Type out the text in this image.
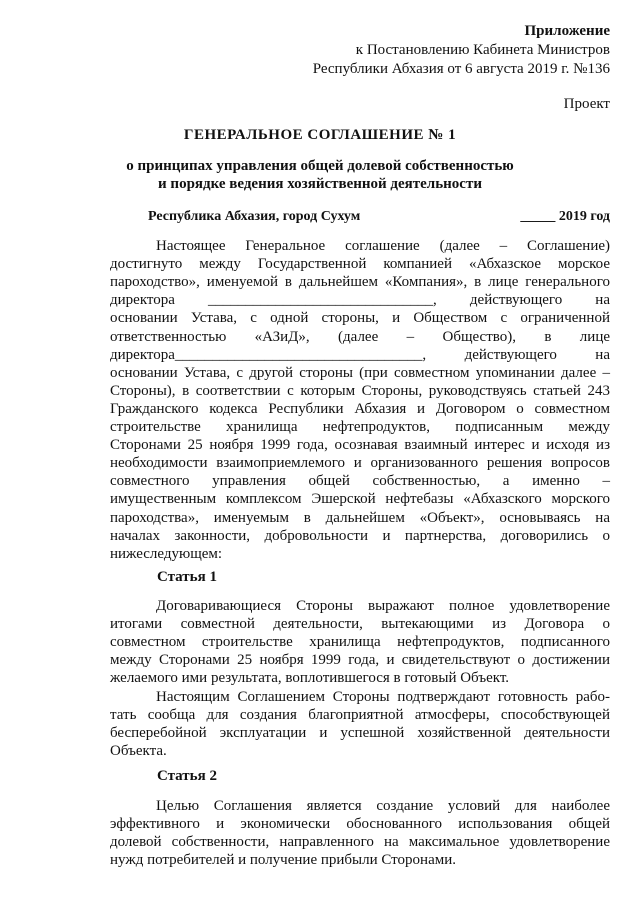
Приложение
к Постановлению Кабинета Министров
Республики Абхазия от 6 августа 2019 г. №136
Проект
ГЕНЕРАЛЬНОЕ СОГЛАШЕНИЕ № 1
о принципах управления общей долевой собственностью
и порядке ведения хозяйственной деятельности
Республика Абхазия, город Сухум	_____ 2019 год
Настоящее Генеральное соглашение (далее – Соглашение)
достигнуто между Государственной компанией «Абхазское морское
пароходство», именуемой в дальнейшем «Компания», в лице генерального
директора ______________________________, действующего на
основании Устава, с одной стороны, и Обществом с ограниченной
ответственностью «АЗиД», (далее – Общество), в лице
директора_________________________________, действующего на
основании Устава, с другой стороны (при совместном упоминании далее –
Стороны), в соответствии с которым Стороны, руководствуясь статьей 243
Гражданского кодекса Республики Абхазия и Договором о совместном
строительстве хранилища нефтепродуктов, подписанным между
Сторонами 25 ноября 1999 года, осознавая взаимный интерес и исходя из
необходимости взаимоприемлемого и организованного решения вопросов
совместного управления общей собственностью, а именно –
имущественным комплексом Эшерской нефтебазы «Абхазского морского
пароходства», именуемым в дальнейшем «Объект», основываясь на
началах законности, добровольности и партнерства, договорились о
нижеследующем:
Статья 1
Договаривающиеся Стороны выражают полное удовлетворение
итогами совместной деятельности, вытекающими из Договора о
совместном строительстве хранилища нефтепродуктов, подписанного
между Сторонами 25 ноября 1999 года, и свидетельствуют о достижении
желаемого ими результата, воплотившегося в готовый Объект.
Настоящим Соглашением Стороны подтверждают готовность рабо-
тать сообща для создания благоприятной атмосферы, способствующей
бесперебойной эксплуатации и успешной хозяйственной деятельности
Объекта.
Статья 2
Целью Соглашения является создание условий для наиболее
эффективного и экономически обоснованного использования общей
долевой собственности, направленного на максимальное удовлетворение
нужд потребителей и получение прибыли Сторонами.
